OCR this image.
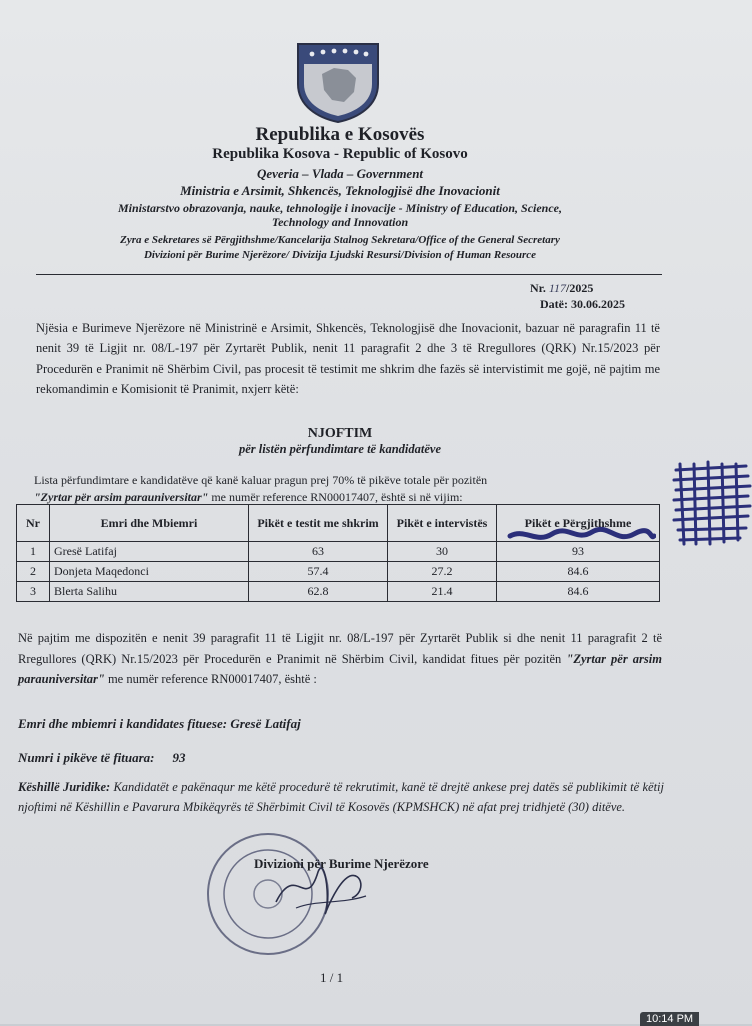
Republika e Kosovës
Republika Kosova - Republic of Kosovo
Qeveria – Vlada – Government
Ministria e Arsimit, Shkencës, Teknologjisë dhe Inovacionit
Ministarstvo obrazovanja, nauke, tehnologije i inovacije - Ministry of Education, Science,
Technology and Innovation
Zyra e Sekretares së Përgjithshme/Kancelarija Stalnog Sekretara/Office of the General Secretary
Divizioni për Burime Njerëzore/ Divizija Ljudski Resursi/Division of Human Resource
Nr. 117/2025
Datë: 30.06.2025
Njësia e Burimeve Njerëzore në Ministrinë e Arsimit, Shkencës, Teknologjisë dhe Inovacionit, bazuar në paragrafin 11 të nenit 39 të Ligjit nr. 08/L-197 për Zyrtarët Publik, nenit 11 paragrafit 2 dhe 3 të Rregullores (QRK) Nr.15/2023 për Procedurën e Pranimit në Shërbim Civil, pas procesit të testimit me shkrim dhe fazës së intervistimit me gojë, në pajtim me rekomandimin e Komisionit të Pranimit, nxjerr këtë:
NJOFTIM
për listën përfundimtare të kandidatëve
Lista përfundimtare e kandidatëve që kanë kaluar pragun prej 70% të pikëve totale për pozitën
"Zyrtar për arsim parauniversitar" me numër reference RN00017407, është si në vijim:
Nr	Emri dhe Mbiemri	Pikët e testit me shkrim	Pikët e intervistës	Pikët e Përgjithshme
1	Gresë Latifaj	63	30	93
2	Donjeta Maqedonci	57.4	27.2	84.6
3	Blerta Salihu	62.8	21.4	84.6
Në pajtim me dispozitën e nenit 39 paragrafit 11 të Ligjit nr. 08/L-197 për Zyrtarët Publik si dhe nenit 11 paragrafit 2 të Rregullores (QRK) Nr.15/2023 për Procedurën e Pranimit në Shërbim Civil, kandidat fitues për pozitën "Zyrtar për arsim parauniversitar" me numër reference RN00017407, është :
Emri dhe mbiemri i kandidates fituese: Gresë Latifaj
Numri i pikëve të fituara: 93
Këshillë Juridike: Kandidatët e pakënaqur me këtë procedurë të rekrutimit, kanë të drejtë ankese prej datës së publikimit të këtij njoftimi në Këshillin e Pavarura Mbikëqyrës të Shërbimit Civil të Kosovës (KPMSHCK) në afat prej tridhjetë (30) ditëve.
Divizioni për Burime Njerëzore
1 / 1
10:14 PM
